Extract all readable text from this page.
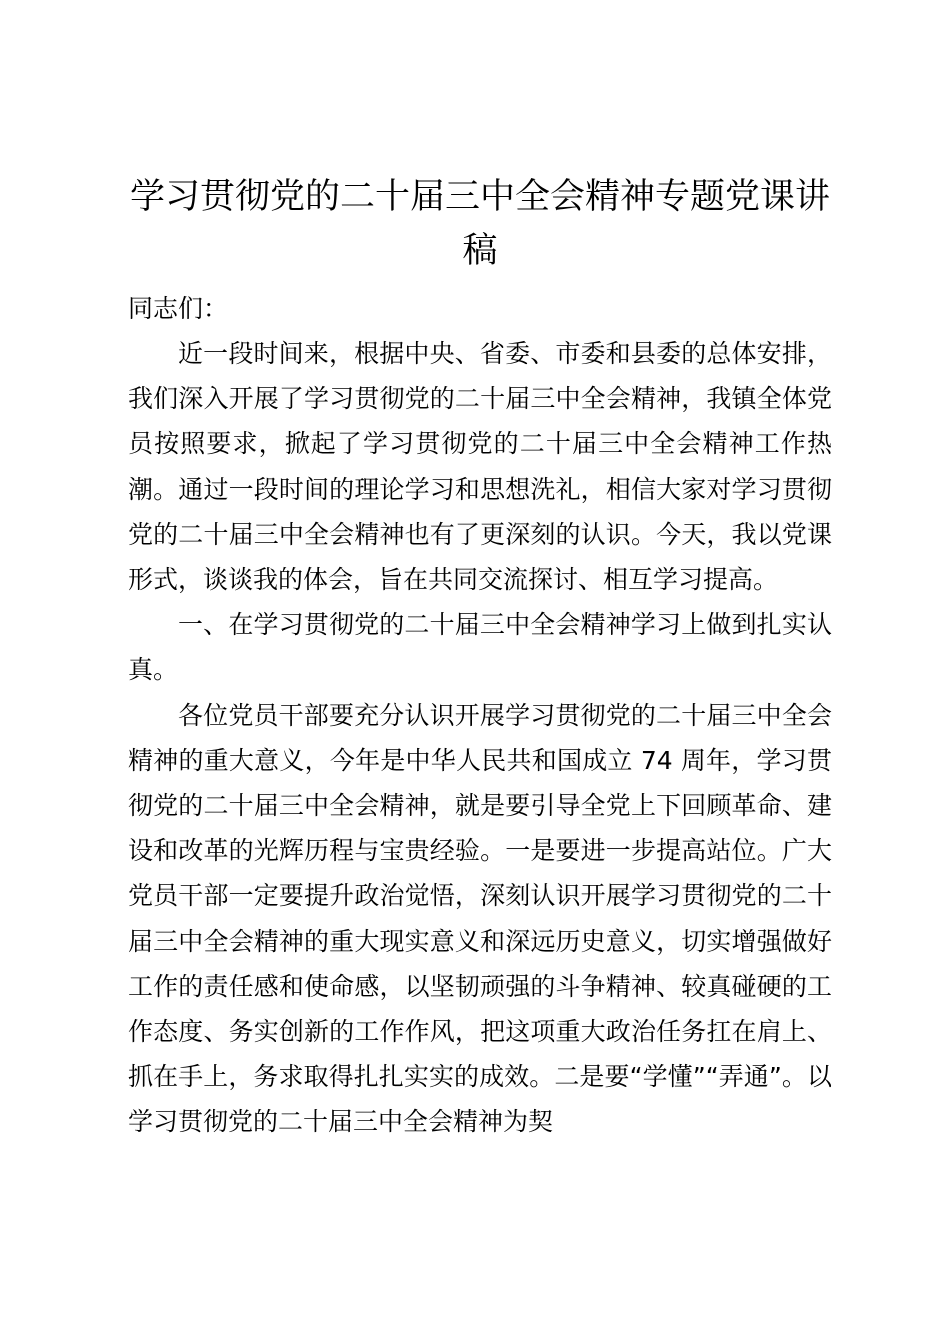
学习贯彻党的二十届三中全会精神专题党课讲稿

同志们：

近一段时间来，根据中央、省委、市委和县委的总体安排，我们深入开展了学习贯彻党的二十届三中全会精神，我镇全体党员按照要求，掀起了学习贯彻党的二十届三中全会精神工作热潮。通过一段时间的理论学习和思想洗礼，相信大家对学习贯彻党的二十届三中全会精神也有了更深刻的认识。今天，我以党课形式，谈谈我的体会，旨在共同交流探讨、相互学习提高。

一、在学习贯彻党的二十届三中全会精神学习上做到扎实认真。

各位党员干部要充分认识开展学习贯彻党的二十届三中全会精神的重大意义，今年是中华人民共和国成立 74 周年，学习贯彻党的二十届三中全会精神，就是要引导全党上下回顾革命、建设和改革的光辉历程与宝贵经验。一是要进一步提高站位。广大党员干部一定要提升政治觉悟，深刻认识开展学习贯彻党的二十届三中全会精神的重大现实意义和深远历史意义，切实增强做好工作的责任感和使命感，以坚韧顽强的斗争精神、较真碰硬的工作态度、务实创新的工作作风，把这项重大政治任务扛在肩上、抓在手上，务求取得扎扎实实的成效。二是要“学懂”“弄通”。以学习贯彻党的二十届三中全会精神为契
